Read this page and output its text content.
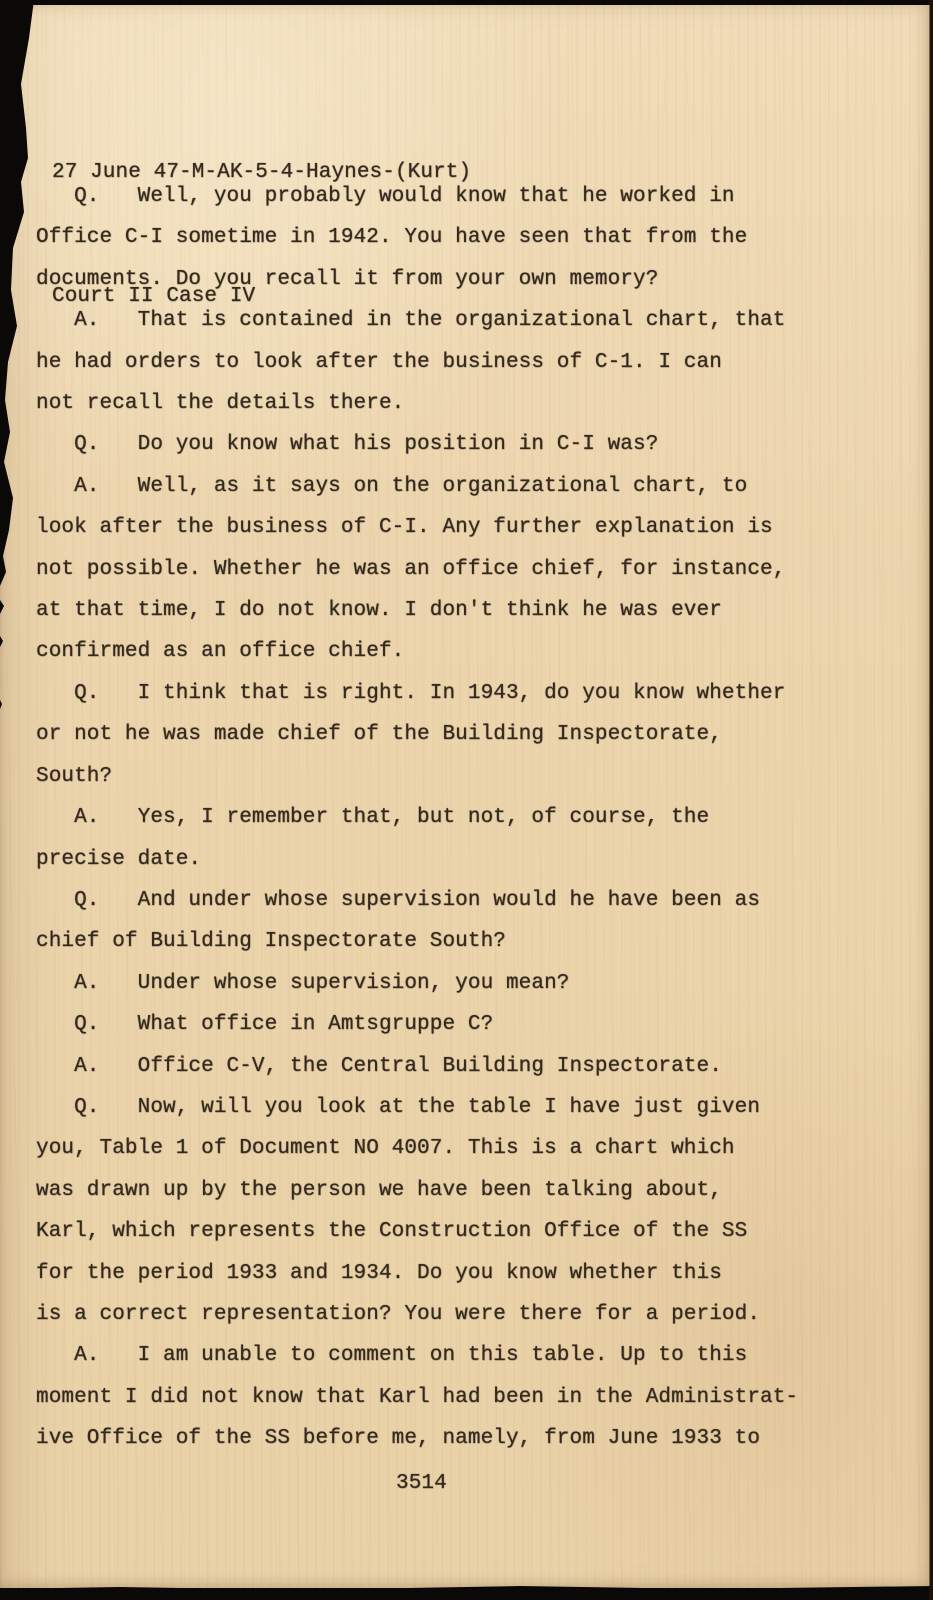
27 June 47-M-AK-5-4-Haynes-(Kurt)

Court II Case IV

Q.   Well, you probably would know that he worked in
Office C-I sometime in 1942. You have seen that from the
documents. Do you recall it from your own memory?
A.   That is contained in the organizational chart, that
he had orders to look after the business of C-1. I can
not recall the details there.
Q.   Do you know what his position in C-I was?
A.   Well, as it says on the organizational chart, to
look after the business of C-I. Any further explanation is
not possible. Whether he was an office chief, for instance,
at that time, I do not know. I don't think he was ever
confirmed as an office chief.
Q.   I think that is right. In 1943, do you know whether
or not he was made chief of the Building Inspectorate,
South?
A.   Yes, I remember that, but not, of course, the
precise date.
Q.   And under whose supervision would he have been as
chief of Building Inspectorate South?
A.   Under whose supervision, you mean?
Q.   What office in Amtsgruppe C?
A.   Office C-V, the Central Building Inspectorate.
Q.   Now, will you look at the table I have just given
you, Table 1 of Document NO 4007. This is a chart which
was drawn up by the person we have been talking about,
Karl, which represents the Construction Office of the SS
for the period 1933 and 1934. Do you know whether this
is a correct representation? You were there for a period.
A.   I am unable to comment on this table. Up to this
moment I did not know that Karl had been in the Administrat-
ive Office of the SS before me, namely, from June 1933 to
3514
